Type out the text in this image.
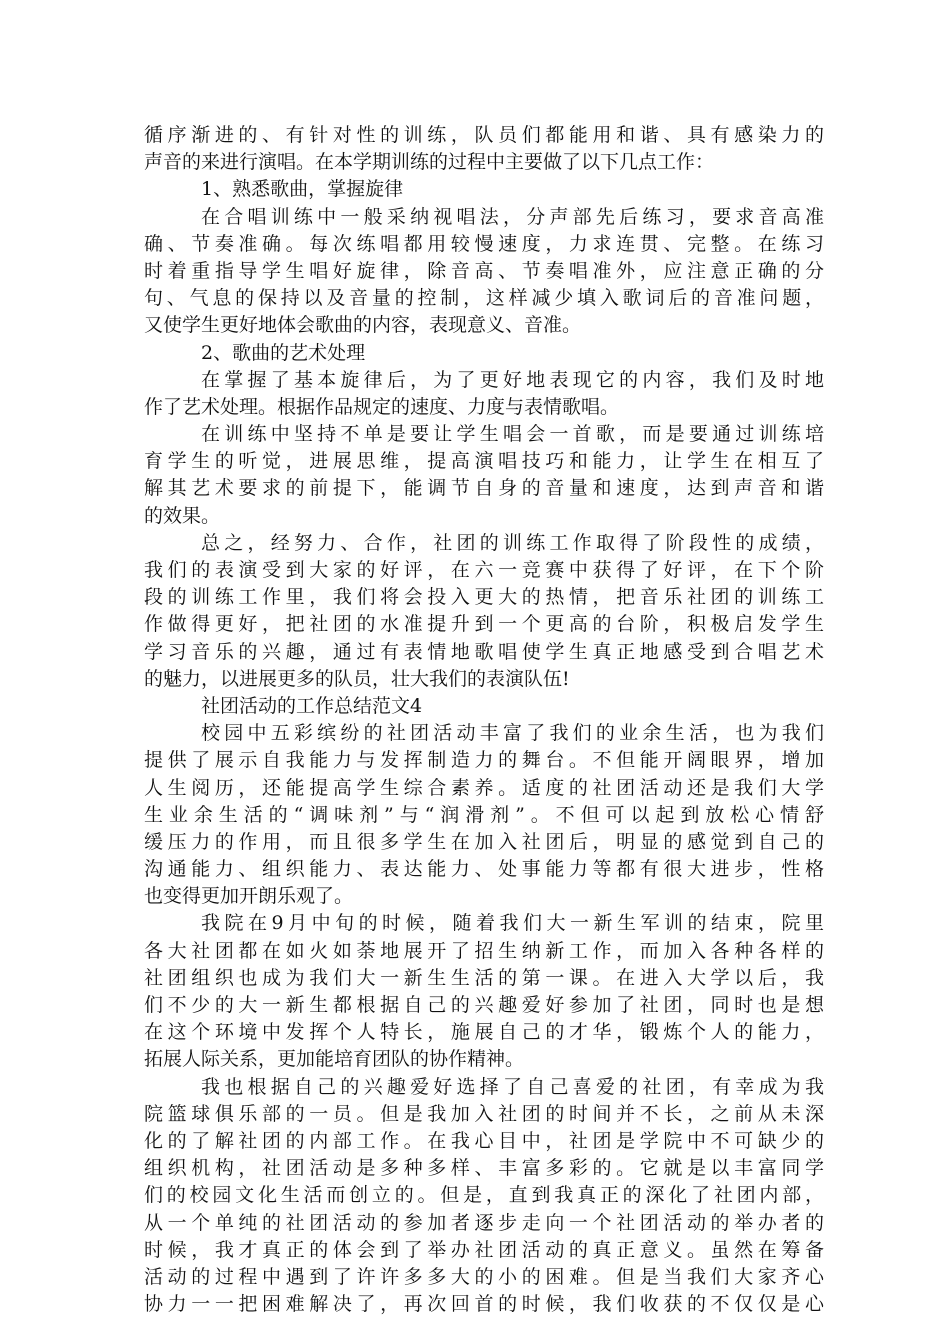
循序渐进的、有针对性的训练，队员们都能用和谐、具有感染力的
声音的来进行演唱。在本学期训练的过程中主要做了以下几点工作：
1、熟悉歌曲，掌握旋律
在合唱训练中一般采纳视唱法，分声部先后练习，要求音高准
确、节奏准确。每次练唱都用较慢速度，力求连贯、完整。在练习
时着重指导学生唱好旋律，除音高、节奏唱准外，应注意正确的分
句、气息的保持以及音量的控制，这样减少填入歌词后的音准问题，
又使学生更好地体会歌曲的内容，表现意义、音准。
2、歌曲的艺术处理
在掌握了基本旋律后，为了更好地表现它的内容，我们及时地
作了艺术处理。根据作品规定的速度、力度与表情歌唱。
在训练中坚持不单是要让学生唱会一首歌，而是要通过训练培
育学生的听觉，进展思维，提高演唱技巧和能力，让学生在相互了
解其艺术要求的前提下，能调节自身的音量和速度，达到声音和谐
的效果。
总之，经努力、合作，社团的训练工作取得了阶段性的成绩，
我们的表演受到大家的好评，在六一竞赛中获得了好评，在下个阶
段的训练工作里，我们将会投入更大的热情，把音乐社团的训练工
作做得更好，把社团的水准提升到一个更高的台阶，积极启发学生
学习音乐的兴趣，通过有表情地歌唱使学生真正地感受到合唱艺术
的魅力，以进展更多的队员，壮大我们的表演队伍!
社团活动的工作总结范文4
校园中五彩缤纷的社团活动丰富了我们的业余生活，也为我们
提供了展示自我能力与发挥制造力的舞台。不但能开阔眼界，增加
人生阅历，还能提高学生综合素养。适度的社团活动还是我们大学
生业余生活的“调味剂”与“润滑剂”。不但可以起到放松心情舒
缓压力的作用，而且很多学生在加入社团后，明显的感觉到自己的
沟通能力、组织能力、表达能力、处事能力等都有很大进步，性格
也变得更加开朗乐观了。
我院在9月中旬的时候，随着我们大一新生军训的结束，院里
各大社团都在如火如荼地展开了招生纳新工作，而加入各种各样的
社团组织也成为我们大一新生生活的第一课。在进入大学以后，我
们不少的大一新生都根据自己的兴趣爱好参加了社团，同时也是想
在这个环境中发挥个人特长，施展自己的才华，锻炼个人的能力，
拓展人际关系，更加能培育团队的协作精神。
我也根据自己的兴趣爱好选择了自己喜爱的社团，有幸成为我
院篮球俱乐部的一员。但是我加入社团的时间并不长，之前从未深
化的了解社团的内部工作。在我心目中，社团是学院中不可缺少的
组织机构，社团活动是多种多样、丰富多彩的。它就是以丰富同学
们的校园文化生活而创立的。但是，直到我真正的深化了社团内部，
从一个单纯的社团活动的参加者逐步走向一个社团活动的举办者的
时候，我才真正的体会到了举办社团活动的真正意义。虽然在筹备
活动的过程中遇到了许许多多大的小的困难。但是当我们大家齐心
协力一一把困难解决了，再次回首的时候，我们收获的不仅仅是心
